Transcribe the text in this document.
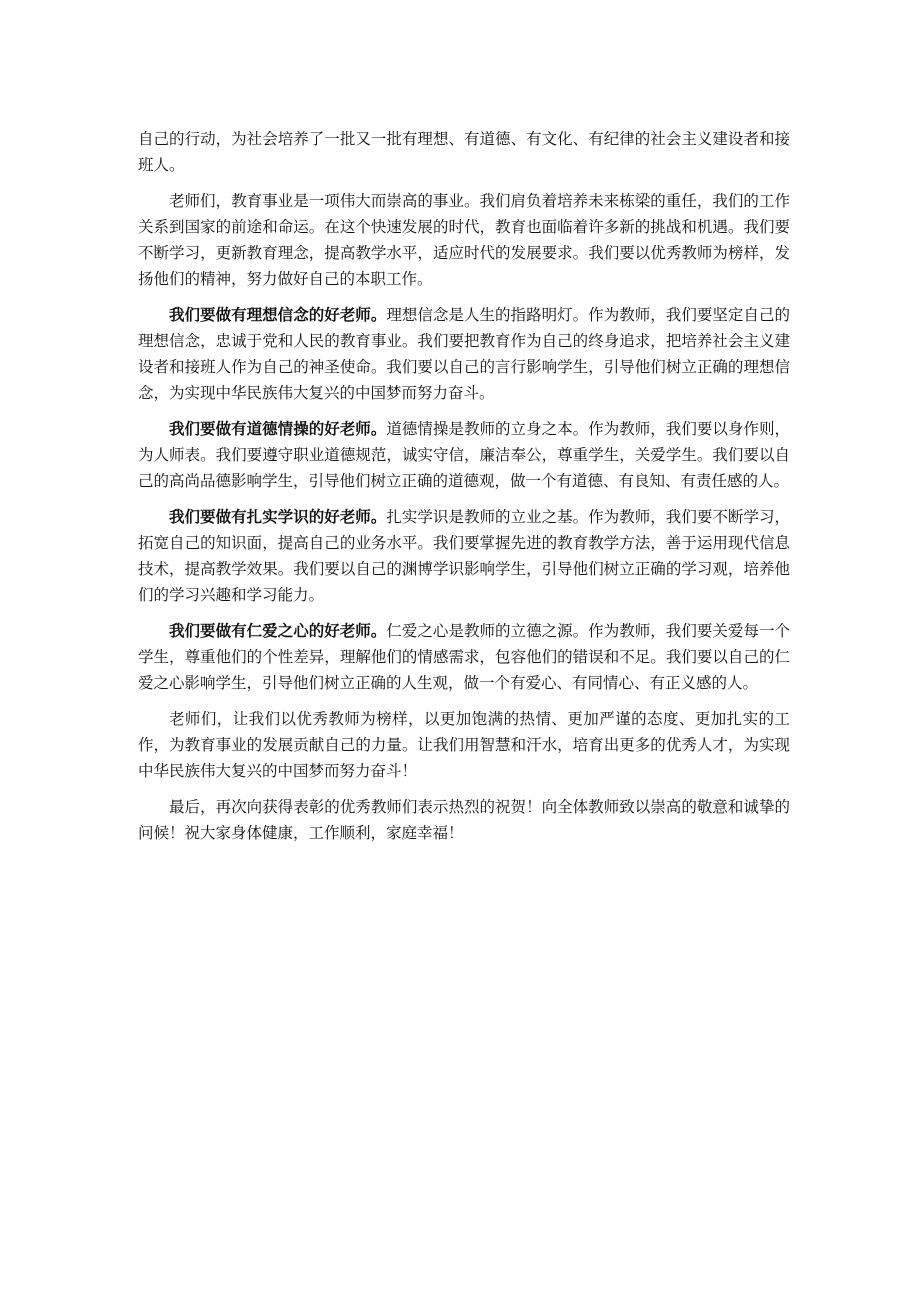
自己的行动，为社会培养了一批又一批有理想、有道德、有文化、有纪律的社会主义建设者和接班人。

老师们，教育事业是一项伟大而崇高的事业。我们肩负着培养未来栋梁的重任，我们的工作关系到国家的前途和命运。在这个快速发展的时代，教育也面临着许多新的挑战和机遇。我们要不断学习，更新教育理念，提高教学水平，适应时代的发展要求。我们要以优秀教师为榜样，发扬他们的精神，努力做好自己的本职工作。

我们要做有理想信念的好老师。理想信念是人生的指路明灯。作为教师，我们要坚定自己的理想信念，忠诚于党和人民的教育事业。我们要把教育作为自己的终身追求，把培养社会主义建设者和接班人作为自己的神圣使命。我们要以自己的言行影响学生，引导他们树立正确的理想信念，为实现中华民族伟大复兴的中国梦而努力奋斗。

我们要做有道德情操的好老师。道德情操是教师的立身之本。作为教师，我们要以身作则，为人师表。我们要遵守职业道德规范，诚实守信，廉洁奉公，尊重学生，关爱学生。我们要以自己的高尚品德影响学生，引导他们树立正确的道德观，做一个有道德、有良知、有责任感的人。

我们要做有扎实学识的好老师。扎实学识是教师的立业之基。作为教师，我们要不断学习，拓宽自己的知识面，提高自己的业务水平。我们要掌握先进的教育教学方法，善于运用现代信息技术，提高教学效果。我们要以自己的渊博学识影响学生，引导他们树立正确的学习观，培养他们的学习兴趣和学习能力。

我们要做有仁爱之心的好老师。仁爱之心是教师的立德之源。作为教师，我们要关爱每一个学生，尊重他们的个性差异，理解他们的情感需求，包容他们的错误和不足。我们要以自己的仁爱之心影响学生，引导他们树立正确的人生观，做一个有爱心、有同情心、有正义感的人。

老师们，让我们以优秀教师为榜样，以更加饱满的热情、更加严谨的态度、更加扎实的工作，为教育事业的发展贡献自己的力量。让我们用智慧和汗水，培育出更多的优秀人才，为实现中华民族伟大复兴的中国梦而努力奋斗！

最后，再次向获得表彰的优秀教师们表示热烈的祝贺！向全体教师致以崇高的敬意和诚挚的问候！祝大家身体健康，工作顺利，家庭幸福！
